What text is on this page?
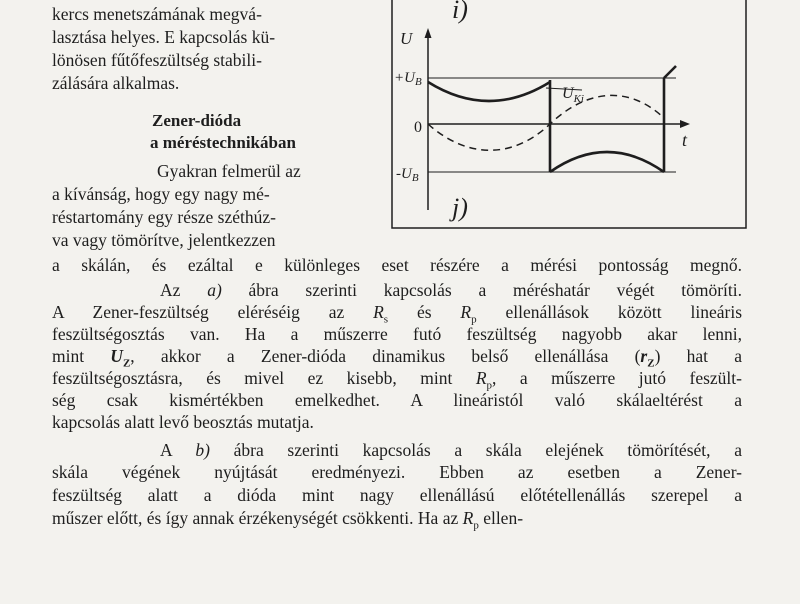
kercs menetszámának megvá-
lasztása helyes. E kapcsolás kü-
lönösen fűtőfeszültség stabili-
zálására alkalmas.
Zener-dióda
a méréstechnikában
Gyakran felmerül az
a kívánság, hogy egy nagy mé-
réstartomány egy része széthúz-
va vagy tömörítve, jelentkezzen
a skálán, és ezáltal e különleges eset részére a mérési pontosság megnő.
Az a) ábra szerinti kapcsolás a méréshatár végét tömöríti.
A Zener-feszültség eléréséig az $R_s$ és $R_p$ ellenállások között lineáris
feszültségosztás van. Ha a műszerre futó feszültség nagyobb akar lenni,
mint $U_Z$, akkor a Zener-dióda dinamikus belső ellenállása $(r_Z)$ hat a
feszültségosztásra, és mivel ez kisebb, mint $R_p$, a műszerre jutó feszült-
ség csak kismértékben emelkedhet. A lineáristól való skálaeltérést a
kapcsolás alatt levő beosztás mutatja.
A b) ábra szerinti kapcsolás a skála elejének tömörítését, a
skála végének nyújtását eredményezi. Ebben az esetben a Zener-
feszültség alatt a dióda mint nagy ellenállású előtétellenállás szerepel a
műszer előtt, és így annak érzékenységét csökkenti. Ha az $R_p$ ellen-
i)
U
t
$+U_B$
0
$-U_B$
$U_{Ki}$
j)
